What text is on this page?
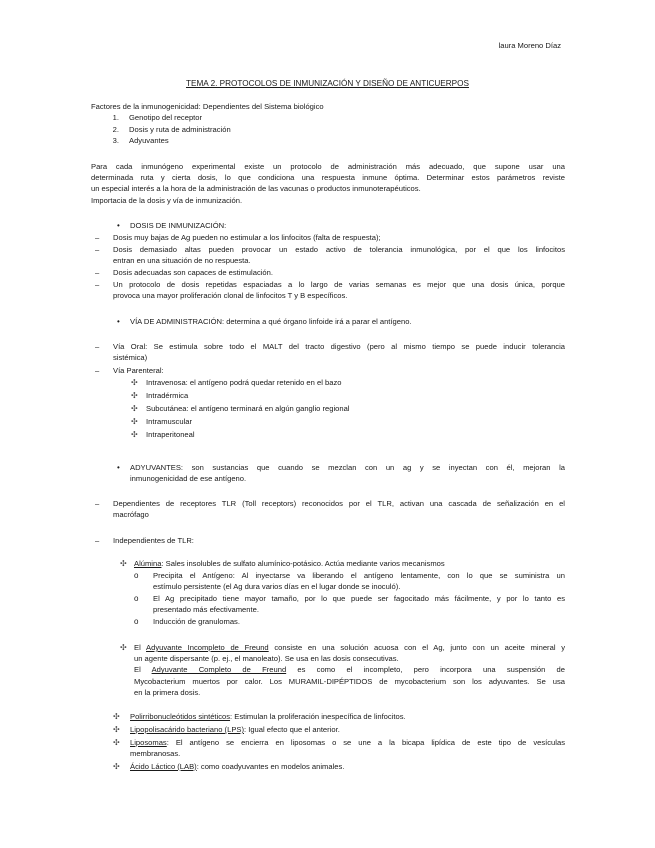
laura Moreno Díaz
TEMA 2. PROTOCOLOS DE INMUNIZACIÓN Y DISEÑO DE ANTICUERPOS
Factores de la inmunogenicidad: Dependientes del Sistema biológico
1. Genotipo del receptor
2. Dosis y ruta de administración
3. Adyuvantes
Para cada inmunógeno experimental existe un protocolo de administración más adecuado, que supone usar una
determinada ruta y cierta dosis, lo que condiciona una respuesta inmune óptima. Determinar estos parámetros reviste
un especial interés a la hora de la administración de las vacunas o productos inmunoterapéuticos.
Importacia de la dosis y vía de inmunización.
• DOSIS DE INMUNIZACIÓN:
–	Dosis muy bajas de Ag pueden no estimular a los linfocitos (falta de respuesta);
–	Dosis demasiado altas pueden provocar un estado activo de tolerancia inmunológica, por el que los linfocitos
entran en una situación de no respuesta.
–	Dosis adecuadas son capaces de estimulación.
–	Un protocolo de dosis repetidas espaciadas a lo largo de varias semanas es mejor que una dosis única, porque
provoca una mayor proliferación clonal de linfocitos T y B específicos.
• VÍA DE ADMINISTRACIÓN: determina a qué órgano linfoide irá a parar el antígeno.
–	Vía Oral: Se estimula sobre todo el MALT del tracto digestivo (pero al mismo tiempo se puede inducir tolerancia
sistémica)
–	Vía Parenteral:
✣ Intravenosa: el antígeno podrá quedar retenido en el bazo
✣ Intradérmica
✣ Subcutánea: el antígeno terminará en algún ganglio regional
✣ Intramuscular
✣ Intraperitoneal
• ADYUVANTES: son sustancias que cuando se mezclan con un ag y se inyectan con él, mejoran la
inmunogenicidad de ese antígeno.
–	Dependientes de receptores TLR (Toll receptors) reconocidos por el TLR, activan una cascada de señalización en el
macrófago
–	Independientes de TLR:
✣ Alúmina: Sales insolubles de sulfato alumínico-potásico. Actúa mediante varios mecanismos
o Precipita el Antígeno: Al inyectarse va liberando el antígeno lentamente, con lo que se suministra un
estímulo persistente (el Ag dura varios días en el lugar donde se inoculó).
o El Ag precipitado tiene mayor tamaño, por lo que puede ser fagocitado más fácilmente, y por lo tanto es
presentado más efectivamente.
o Inducción de granulomas.
✣ El Adyuvante Incompleto de Freund consiste en una solución acuosa con el Ag, junto con un aceite mineral y
un agente dispersante (p. ej., el manoleato). Se usa en las dosis consecutivas.
El Adyuvante Completo de Freund es como el incompleto, pero incorpora una suspensión de
Mycobacterium muertos por calor. Los MURAMIL-DIPÉPTIDOS de mycobacterium son los adyuvantes. Se usa
en la primera dosis.
✣ Polirribonucleótidos sintéticos: Estimulan la proliferación inespecífica de linfocitos.
✣ Lipopolisacárido bacteriano (LPS): Igual efecto que el anterior.
✣ Liposomas: El antígeno se encierra en liposomas o se une a la bicapa lipídica de este tipo de vesículas
membranosas.
✣ Ácido Láctico (LAB): como coadyuvantes en modelos animales.
